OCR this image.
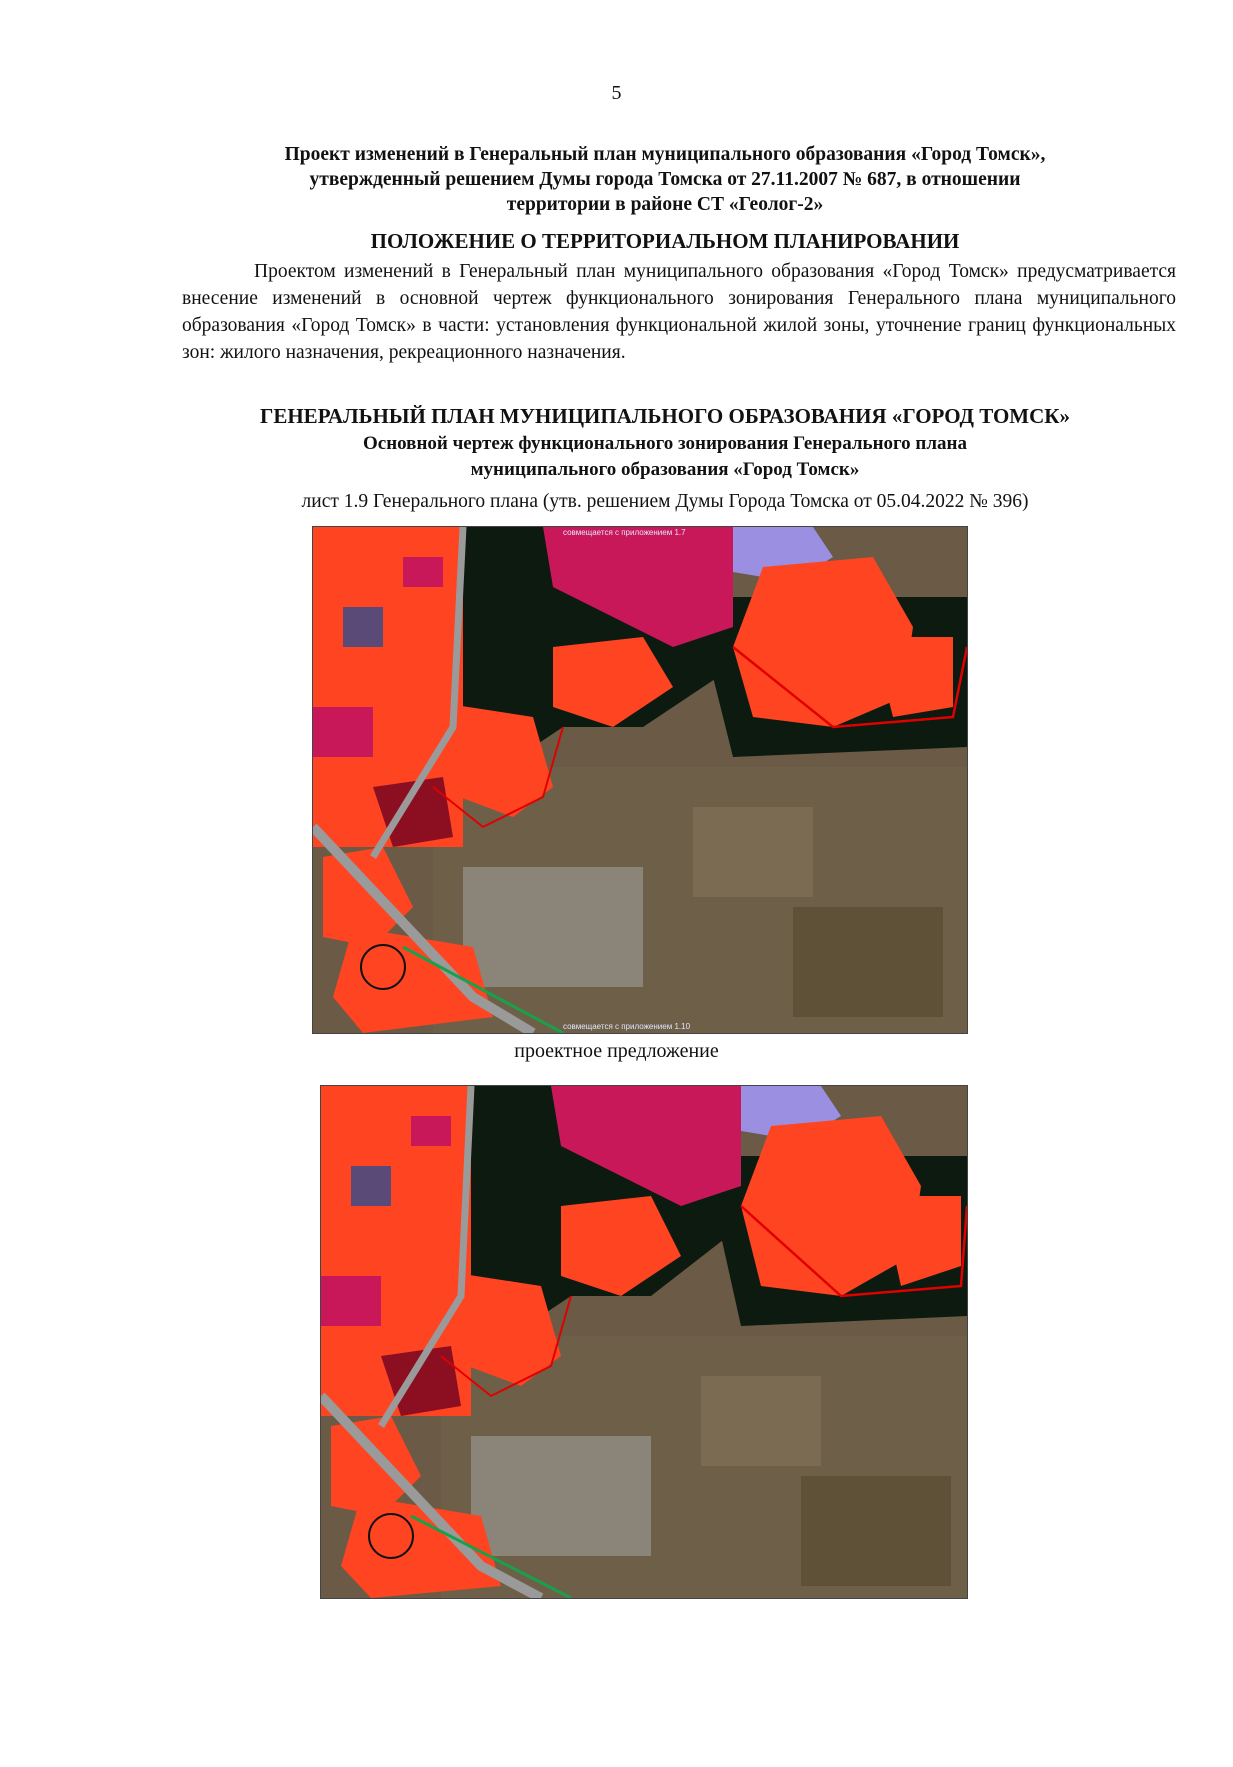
5
Проект изменений в Генеральный план муниципального образования «Город Томск»,
утвержденный решением Думы города Томска от 27.11.2007 № 687, в отношении
территории в районе СТ «Геолог-2»
ПОЛОЖЕНИЕ О ТЕРРИТОРИАЛЬНОМ ПЛАНИРОВАНИИ
Проектом изменений в Генеральный план муниципального образования «Город Томск» предусматривается внесение изменений в основной чертеж функционального зонирования Генерального плана муниципального образования «Город Томск» в части: установления функциональной жилой зоны, уточнение границ функциональных зон: жилого назначения, рекреационного назначения.
ГЕНЕРАЛЬНЫЙ ПЛАН МУНИЦИПАЛЬНОГО ОБРАЗОВАНИЯ «ГОРОД ТОМСК»
Основной чертеж функционального зонирования Генерального плана
муниципального образования «Город Томск»
лист 1.9 Генерального плана (утв. решением Думы Города Томска от 05.04.2022 № 396)
совмещается с приложением 1.7
совмещается с приложением 1.10
проектное предложение
